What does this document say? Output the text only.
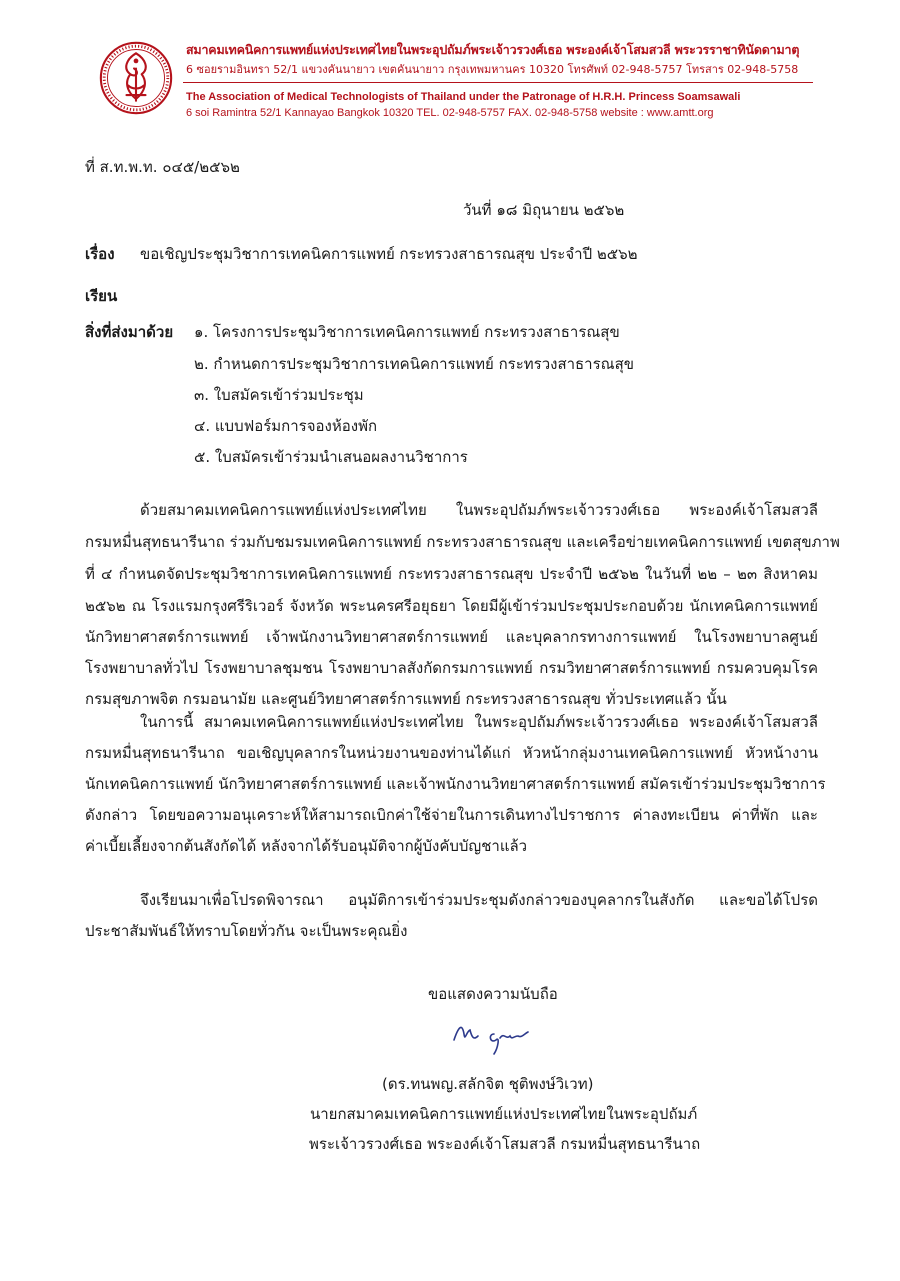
สมาคมเทคนิคการแพทย์แห่งประเทศไทยในพระอุปถัมภ์พระเจ้าวรวงศ์เธอ พระองค์เจ้าโสมสวลี พระวรราชาทินัดดามาตุ
6 ซอยรามอินทรา 52/1 แขวงคันนายาว เขตคันนายาว กรุงเทพมหานคร 10320 โทรศัพท์ 02-948-5757 โทรสาร 02-948-5758
The Association of Medical Technologists of Thailand under the Patronage of H.R.H. Princess Soamsawali
6 soi Ramintra 52/1 Kannayao Bangkok 10320 TEL. 02-948-5757 FAX. 02-948-5758 website : www.amtt.org
ที่ ส.ท.พ.ท. ๐๔๕/๒๕๖๒
วันที่ ๑๘ มิถุนายน ๒๕๖๒
เรื่อง ขอเชิญประชุมวิชาการเทคนิคการแพทย์ กระทรวงสาธารณสุข ประจำปี ๒๕๖๒
เรียน
สิ่งที่ส่งมาด้วย ๑. โครงการประชุมวิชาการเทคนิคการแพทย์ กระทรวงสาธารณสุข
๒. กำหนดการประชุมวิชาการเทคนิคการแพทย์ กระทรวงสาธารณสุข
๓. ใบสมัครเข้าร่วมประชุม
๔. แบบฟอร์มการจองห้องพัก
๕. ใบสมัครเข้าร่วมนำเสนอผลงานวิชาการ
ด้วยสมาคมเทคนิคการแพทย์แห่งประเทศไทย ในพระอุปถัมภ์พระเจ้าวรวงศ์เธอ พระองค์เจ้าโสมสวลี
กรมหมื่นสุทธนารีนาถ ร่วมกับชมรมเทคนิคการแพทย์ กระทรวงสาธารณสุข และเครือข่ายเทคนิคการแพทย์ เขตสุขภาพ
ที่ ๔ กำหนดจัดประชุมวิชาการเทคนิคการแพทย์ กระทรวงสาธารณสุข ประจำปี ๒๕๖๒ ในวันที่ ๒๒ – ๒๓ สิงหาคม
๒๕๖๒ ณ โรงแรมกรุงศรีริเวอร์ จังหวัด พระนครศรีอยุธยา โดยมีผู้เข้าร่วมประชุมประกอบด้วย นักเทคนิคการแพทย์
นักวิทยาศาสตร์การแพทย์ เจ้าพนักงานวิทยาศาสตร์การแพทย์ และบุคลากรทางการแพทย์ ในโรงพยาบาลศูนย์
โรงพยาบาลทั่วไป โรงพยาบาลชุมชน โรงพยาบาลสังกัดกรมการแพทย์ กรมวิทยาศาสตร์การแพทย์ กรมควบคุมโรค
กรมสุขภาพจิต กรมอนามัย และศูนย์วิทยาศาสตร์การแพทย์ กระทรวงสาธารณสุข ทั่วประเทศแล้ว นั้น
ในการนี้ สมาคมเทคนิคการแพทย์แห่งประเทศไทย ในพระอุปถัมภ์พระเจ้าวรวงศ์เธอ พระองค์เจ้าโสมสวลี
กรมหมื่นสุทธนารีนาถ ขอเชิญบุคลากรในหน่วยงานของท่านได้แก่ หัวหน้ากลุ่มงานเทคนิคการแพทย์ หัวหน้างาน
นักเทคนิคการแพทย์ นักวิทยาศาสตร์การแพทย์ และเจ้าพนักงานวิทยาศาสตร์การแพทย์ สมัครเข้าร่วมประชุมวิชาการ
ดังกล่าว โดยขอความอนุเคราะห์ให้สามารถเบิกค่าใช้จ่ายในการเดินทางไปราชการ ค่าลงทะเบียน ค่าที่พัก และ
ค่าเบี้ยเลี้ยงจากต้นสังกัดได้ หลังจากได้รับอนุมัติจากผู้บังคับบัญชาแล้ว
จึงเรียนมาเพื่อโปรดพิจารณา อนุมัติการเข้าร่วมประชุมดังกล่าวของบุคลากรในสังกัด และขอได้โปรด
ประชาสัมพันธ์ให้ทราบโดยทั่วกัน จะเป็นพระคุณยิ่ง
ขอแสดงความนับถือ
(ดร.ทนพญ.สลักจิต ชุติพงษ์วิเวท)
นายกสมาคมเทคนิคการแพทย์แห่งประเทศไทยในพระอุปถัมภ์
พระเจ้าวรวงศ์เธอ พระองค์เจ้าโสมสวลี กรมหมื่นสุทธนารีนาถ
